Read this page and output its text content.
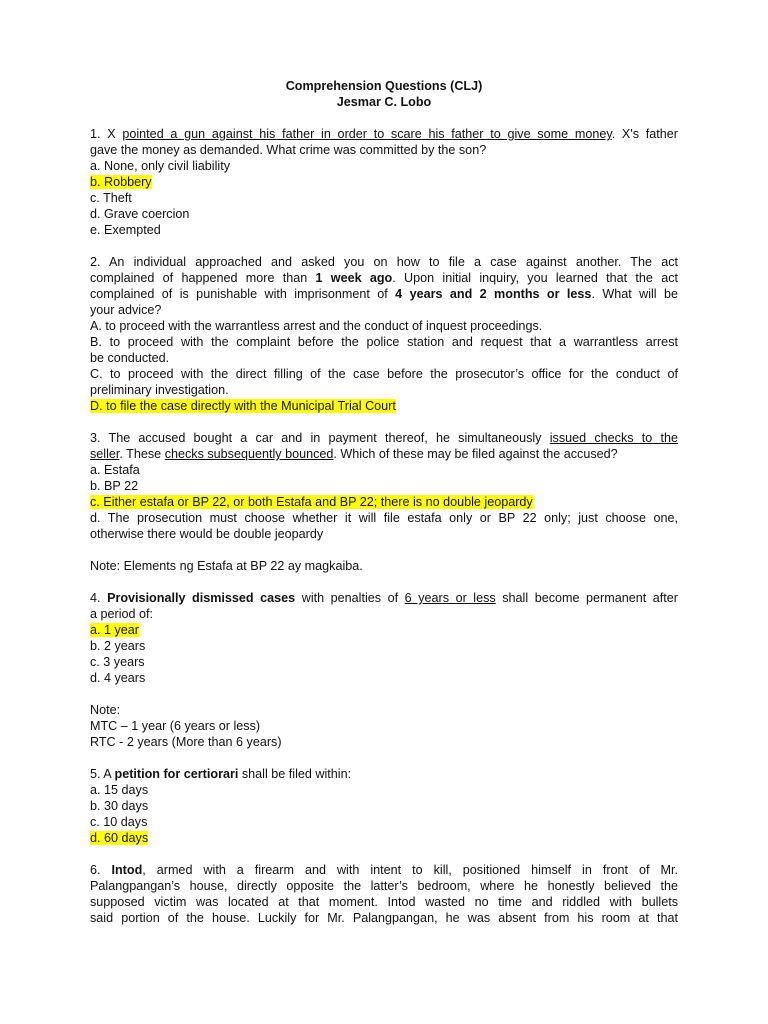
Comprehension Questions (CLJ)

Jesmar C. Lobo

1. X pointed a gun against his father in order to scare his father to give some money. X's father

gave the money as demanded. What crime was committed by the son?

a. None, only civil liability

b. Robbery

c. Theft

d. Grave coercion

e. Exempted

2. An individual approached and asked you on how to file a case against another. The act

complained of happened more than 1 week ago. Upon initial inquiry, you learned that the act

complained of is punishable with imprisonment of 4 years and 2 months or less. What will be

your advice?

A. to proceed with the warrantless arrest and the conduct of inquest proceedings.

B. to proceed with the complaint before the police station and request that a warrantless arrest

be conducted.

C. to proceed with the direct filling of the case before the prosecutor’s office for the conduct of

preliminary investigation.

D. to file the case directly with the Municipal Trial Court

3. The accused bought a car and in payment thereof, he simultaneously issued checks to the

seller. These checks subsequently bounced. Which of these may be filed against the accused?

a. Estafa

b. BP 22

c. Either estafa or BP 22, or both Estafa and BP 22; there is no double jeopardy

d. The prosecution must choose whether it will file estafa only or BP 22 only; just choose one,

otherwise there would be double jeopardy

Note: Elements ng Estafa at BP 22 ay magkaiba.

4. Provisionally dismissed cases with penalties of 6 years or less shall become permanent after

a period of:

a. 1 year

b. 2 years

c. 3 years

d. 4 years

Note:

MTC – 1 year (6 years or less)

RTC - 2 years (More than 6 years)

5. A petition for certiorari shall be filed within:

a. 15 days

b. 30 days

c. 10 days

d. 60 days

6. Intod, armed with a firearm and with intent to kill, positioned himself in front of Mr.

Palangpangan’s house, directly opposite the latter’s bedroom, where he honestly believed the

supposed victim was located at that moment. Intod wasted no time and riddled with bullets

said portion of the house. Luckily for Mr. Palangpangan, he was absent from his room at that
